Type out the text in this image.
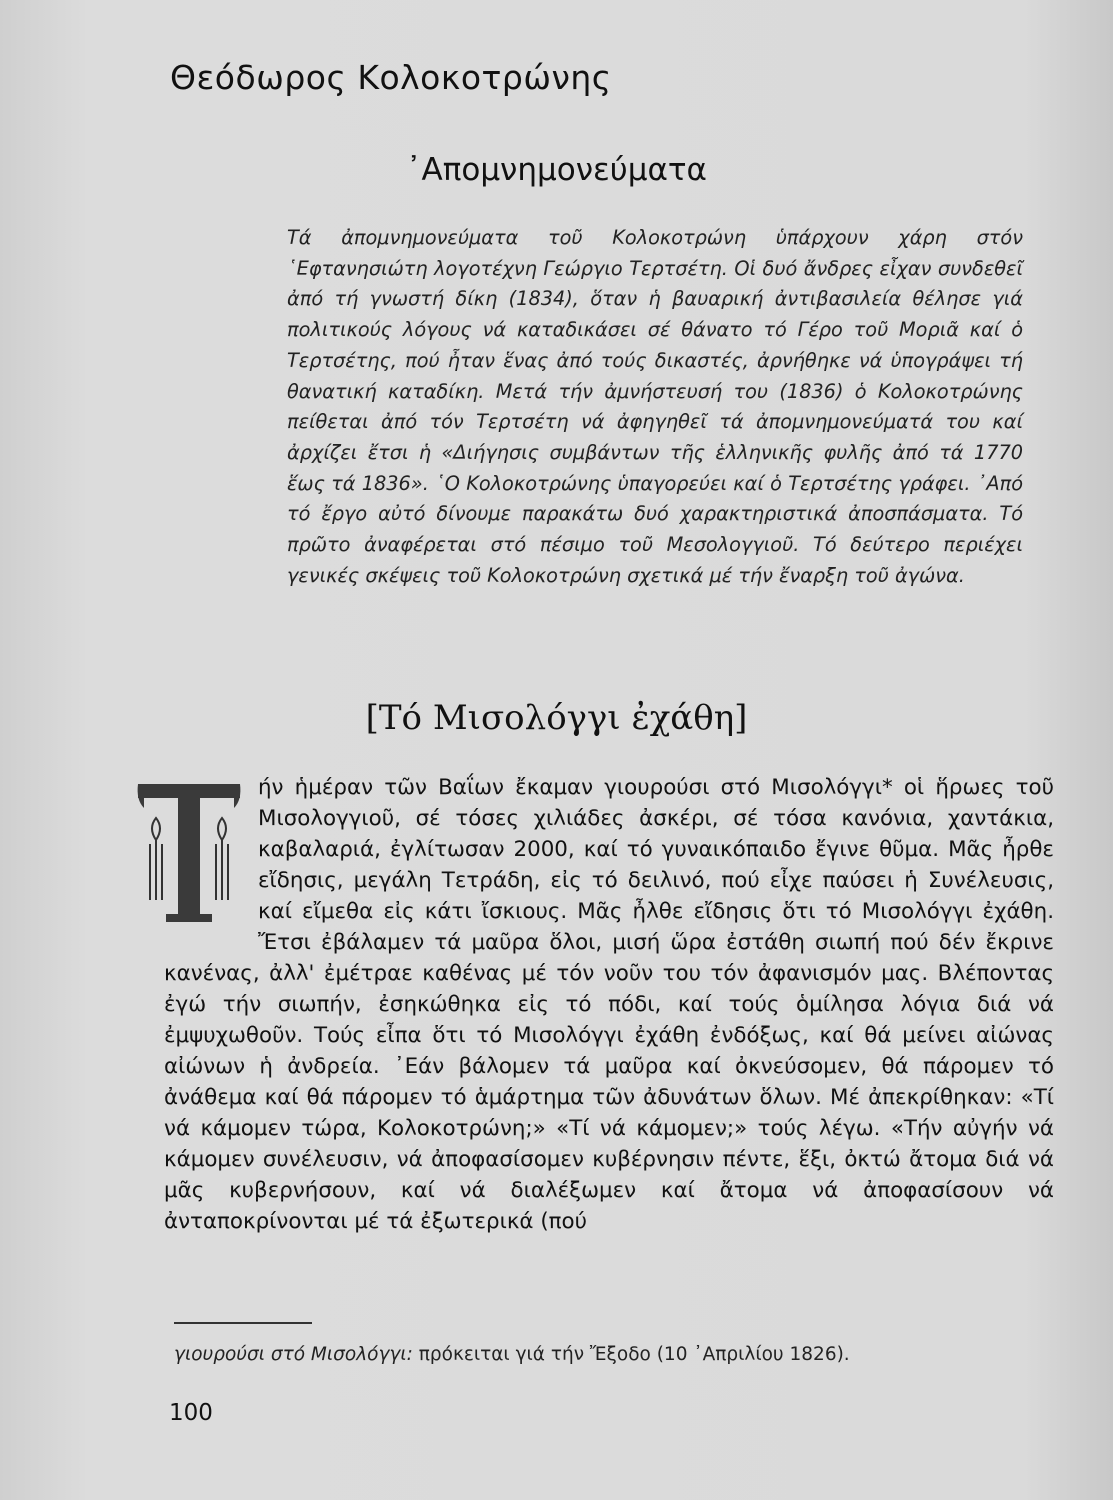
Θεόδωρος Κολοκοτρώνης
᾿Απομνημονεύματα
Τά ἀπομνημονεύματα τοῦ Κολοκοτρώνη ὑπάρχουν χάρη στόν ῾Εφτανησιώτη λογοτέχνη Γεώργιο Τερτσέτη. Οἱ δυό ἄνδρες εἶχαν συνδεθεῖ ἀπό τή γνωστή δίκη (1834), ὅταν ἡ βαυαρική ἀντιβασιλεία θέλησε γιά πολιτικούς λόγους νά καταδικάσει σέ θάνατο τό Γέρο τοῦ Μοριᾶ καί ὁ Τερτσέτης, πού ἦταν ἕνας ἀπό τούς δικαστές, ἀρνήθηκε νά ὑπογράψει τή θανατική καταδίκη. Μετά τήν ἀμνήστευσή του (1836) ὁ Κολοκοτρώνης πείθεται ἀπό τόν Τερτσέτη νά ἀφηγηθεῖ τά ἀπομνημονεύματά του καί ἀρχίζει ἔτσι ἡ «Διήγησις συμβάντων τῆς ἑλληνικῆς φυλῆς ἀπό τά 1770 ἕως τά 1836». ῾Ο Κολοκοτρώνης ὑπαγορεύει καί ὁ Τερτσέτης γράφει. ᾿Από τό ἔργο αὐτό δίνουμε παρακάτω δυό χαρακτηριστικά ἀποσπάσματα. Τό πρῶτο ἀναφέρεται στό πέσιμο τοῦ Μεσολογγιοῦ. Τό δεύτερο περιέχει γενικές σκέψεις τοῦ Κολοκοτρώνη σχετικά μέ τήν ἔναρξη τοῦ ἀγώνα.
[Τό Μισολόγγι ἐχάθη]
ήν ἡμέραν τῶν Βαΐων ἔκαμαν γιουρούσι στό Μισολόγγι* οἱ ἥρωες τοῦ Μισολογγιοῦ, σέ τόσες χιλιάδες ἀσκέρι, σέ τόσα κανόνια, χαντάκια, καβαλαριά, ἐγλίτωσαν 2000, καί τό γυναικόπαιδο ἔγινε θῦμα. Μᾶς ἦρθε εἴδησις, μεγάλη Τετράδη, εἰς τό δειλινό, πού εἶχε παύσει ἡ Συνέλευσις, καί εἴμεθα εἰς κάτι ἴσκιους. Μᾶς ἦλθε εἴδησις ὅτι τό Μισολόγγι ἐχάθη. Ἔτσι ἐβάλαμεν τά μαῦρα ὅλοι, μισή ὥρα ἐστάθη σιωπή πού δέν ἔκρινε κανένας, ἀλλ' ἐμέτραε καθένας μέ τόν νοῦν του τόν ἀφανισμόν μας. Βλέποντας ἐγώ τήν σιωπήν, ἐσηκώθηκα εἰς τό πόδι, καί τούς ὁμίλησα λόγια διά νά ἐμψυχωθοῦν. Τούς εἶπα ὅτι τό Μισολόγγι ἐχάθη ἐνδόξως, καί θά μείνει αἰώνας αἰώνων ἡ ἀνδρεία. ᾿Εάν βάλομεν τά μαῦρα καί ὀκνεύσομεν, θά πάρομεν τό ἀνάθεμα καί θά πάρομεν τό ἁμάρτημα τῶν ἀδυνάτων ὅλων. Μέ ἀπεκρίθηκαν: «Τί νά κάμομεν τώρα, Κολοκοτρώνη;» «Τί νά κάμομεν;» τούς λέγω. «Τήν αὐγήν νά κάμομεν συνέλευσιν, νά ἀποφασίσομεν κυβέρνησιν πέντε, ἕξι, ὀκτώ ἄτομα διά νά μᾶς κυβερνήσουν, καί νά διαλέξωμεν καί ἄτομα νά ἀποφασίσουν νά ἀνταποκρίνονται μέ τά ἐξωτερικά (πού
γιουρούσι στό Μισολόγγι: πρόκειται γιά τήν Ἔξοδο (10 ᾿Απριλίου 1826).
100
